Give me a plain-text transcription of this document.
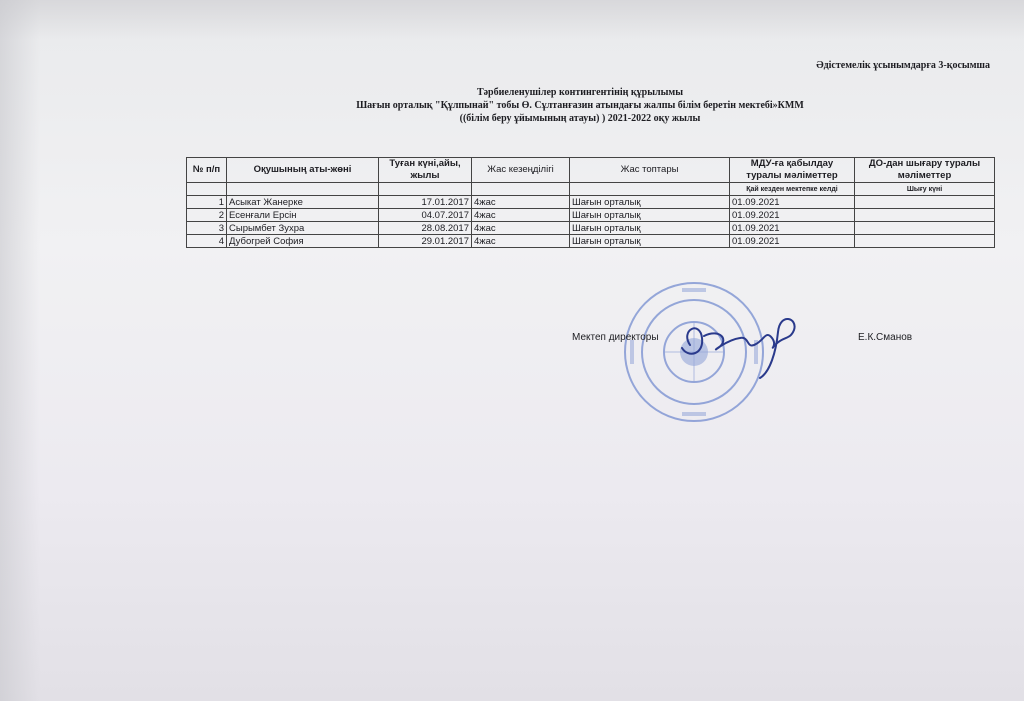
Әдістемелік ұсынымдарға 3-қосымша
Тәрбиеленушілер контингентінің құрылымы
Шағын орталық "Құлпынай" тобы Ө. Сұлтанғазин атындағы жалпы білім беретін мектебі»КММ
((білім беру ұйымының атауы) ) 2021-2022 оқу жылы
№ п/п	Оқушының аты-жөні	Туған күні,айы, жылы	Жас кезеңділігі	Жас топтары	МДУ-ға қабылдау туралы мәліметтер	ДО-дан шығару туралы мәліметтер
					Қай кезден мектепке келді	Шығу күні
1	Асыкат Жанерке	17.01.2017	4жас	Шағын орталық	01.09.2021	
2	Есенғали Ерсін	04.07.2017	4жас	Шағын орталық	01.09.2021	
3	Сырымбет Зухра	28.08.2017	4жас	Шағын орталық	01.09.2021	
4	Дубогрей София	29.01.2017	4жас	Шағын орталық	01.09.2021	
Мектеп директоры	Е.К.Сманов
